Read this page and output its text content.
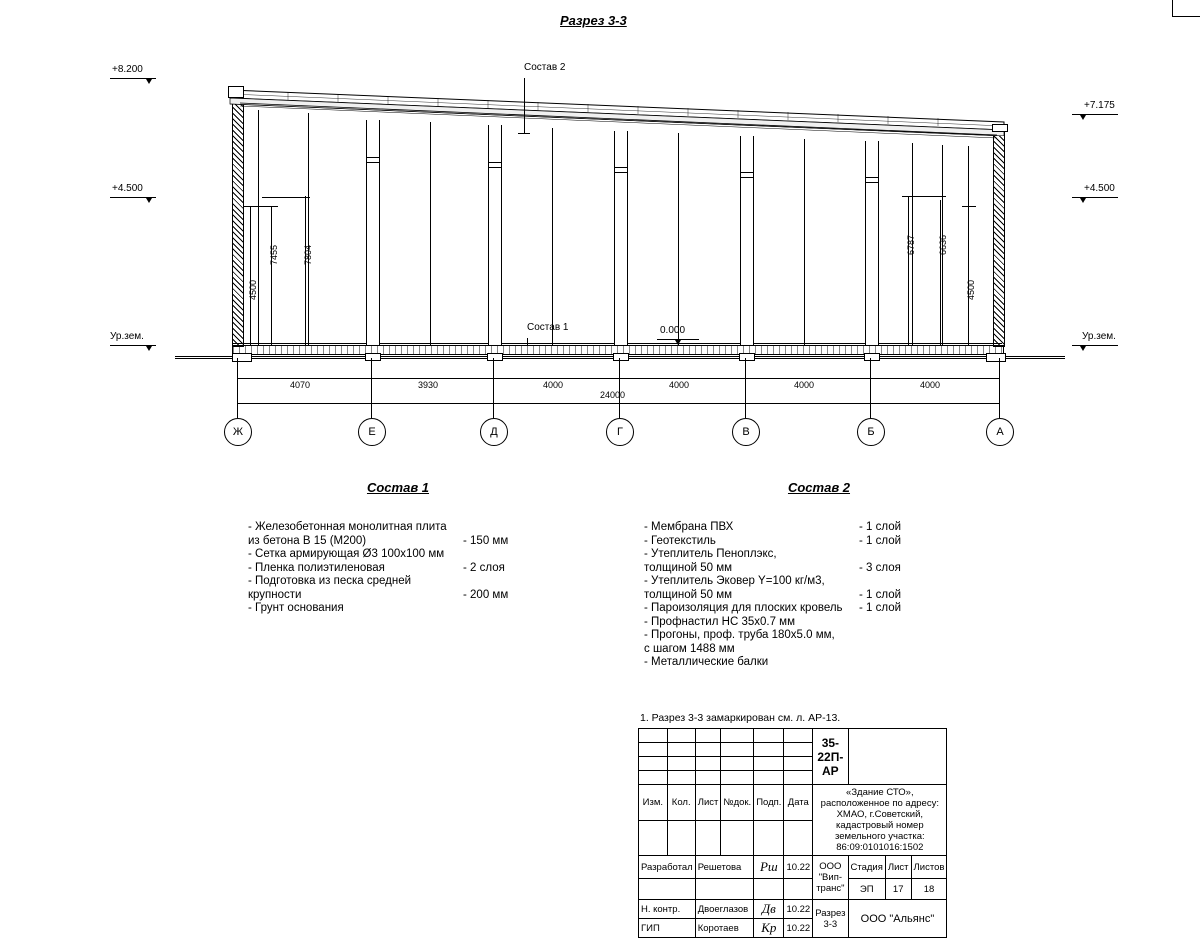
Разрез 3-3
+8.200
+4.500
Ур.зем.
+7.175
+4.500
Ур.зем.
0.000
Состав 2
Состав 1
4500
7455	7804	6787 6636
4500
4070	3930	4000	4000	4000	4000
24000
Ж	Е	Д	Г	В	Б	А
Состав 1
- Железобетонная монолитная плита
из бетона В 15 (М200)	- 150 мм
- Сетка армирующая Ø3 100х100 мм
- Пленка полиэтиленовая	- 2 слоя
- Подготовка из песка средней
крупности	- 200 мм
- Грунт основания
Состав 2
- Мембрана ПВХ	- 1 слой
- Геотекстиль	- 1 слой
- Утеплитель Пеноплэкс,
толщиной 50 мм	- 3 слоя
- Утеплитель Эковер Y=100 кг/м3,
толщиной 50 мм	- 1 слой
- Пароизоляция для плоских кровель	- 1 слой
- Профнастил НС 35х0.7 мм
- Прогоны, проф. труба 180х5.0 мм,
с шагом 1488 мм
- Металлические балки
1. Разрез 3-3 замаркирован см. л. АР-13.
						35-22П-АР			

Изм.	Кол.	Лист	№док.	Подп.	Дата	«Здание СТО», расположенное по адресу: ХМАО, г.Советский,
кадастровый номер земельного участка: 86:09:0101016:1502			

Разработал		Решетова		Рш	10.22	ООО "Вип-транс"	Стадия	Лист	Листов
							ЭП	17	18
Н. контр.		Двоеглазов		Дв	10.22	Разрез 3-3	ООО "Альянс"		
ГИП		Коротаев		Кр	10.22				
